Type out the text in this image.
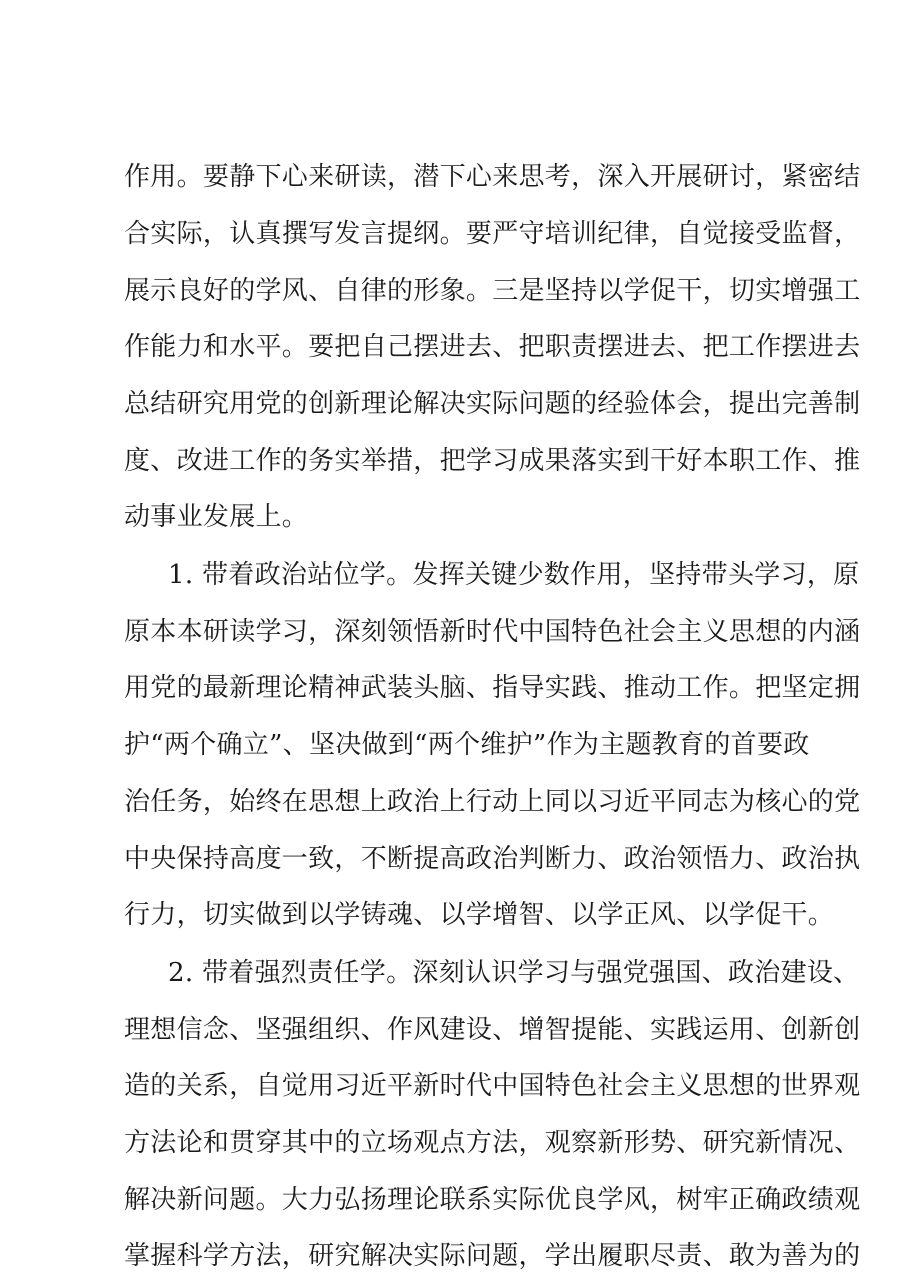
作用。要静下心来研读，潜下心来思考，深入开展研讨，紧密结
合实际，认真撰写发言提纲。要严守培训纪律，自觉接受监督，
展示良好的学风、自律的形象。三是坚持以学促干，切实增强工
作能力和水平。要把自己摆进去、把职责摆进去、把工作摆进去
总结研究用党的创新理论解决实际问题的经验体会，提出完善制
度、改进工作的务实举措，把学习成果落实到干好本职工作、推
动事业发展上。
1. 带着政治站位学。发挥关键少数作用，坚持带头学习，原
原本本研读学习，深刻领悟新时代中国特色社会主义思想的内涵
用党的最新理论精神武装头脑、指导实践、推动工作。把坚定拥
护“两个确立”、坚决做到“两个维护”作为主题教育的首要政
治任务，始终在思想上政治上行动上同以习近平同志为核心的党
中央保持高度一致，不断提高政治判断力、政治领悟力、政治执
行力，切实做到以学铸魂、以学增智、以学正风、以学促干。
2. 带着强烈责任学。深刻认识学习与强党强国、政治建设、
理想信念、坚强组织、作风建设、增智提能、实践运用、创新创
造的关系，自觉用习近平新时代中国特色社会主义思想的世界观
方法论和贯穿其中的立场观点方法，观察新形势、研究新情况、
解决新问题。大力弘扬理论联系实际优良学风，树牢正确政绩观
掌握科学方法，研究解决实际问题，学出履职尽责、敢为善为的
